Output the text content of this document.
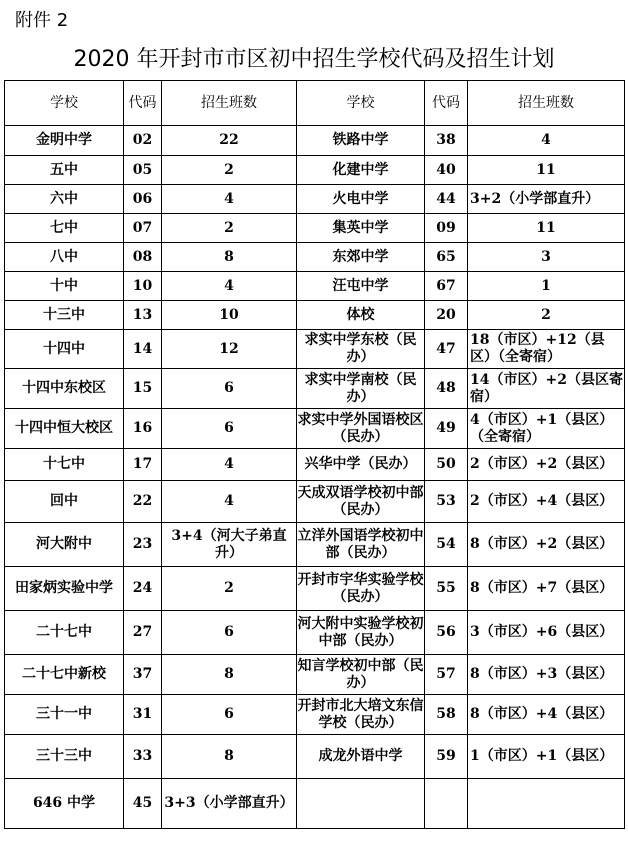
附件 2
2020 年开封市市区初中招生学校代码及招生计划
学校	代码	招生班数	学校	代码	招生班数
金明中学	02	22	铁路中学	38	4
五中	05	2	化建中学	40	11
六中	06	4	火电中学	44	3+2（小学部直升）
七中	07	2	集英中学	09	11
八中	08	8	东郊中学	65	3
十中	10	4	汪屯中学	67	1
十三中	13	10	体校	20	2
十四中	14	12	求实中学东校（民办）	47	18（市区）+12（县区）（全寄宿）
十四中东校区	15	6	求实中学南校（民办）	48	14（市区）+2（县区寄宿）
十四中恒大校区	16	6	求实中学外国语校区（民办）	49	4（市区）+1（县区）（全寄宿）
十七中	17	4	兴华中学（民办）	50	2（市区）+2（县区）
回中	22	4	天成双语学校初中部（民办）	53	2（市区）+4（县区）
河大附中	23	3+4（河大子弟直升）	立洋外国语学校初中部（民办）	54	8（市区）+2（县区）
田家炳实验中学	24	2	开封市宇华实验学校（民办）	55	8（市区）+7（县区）
二十七中	27	6	河大附中实验学校初中部（民办）	56	3（市区）+6（县区）
二十七中新校	37	8	知言学校初中部（民办）	57	8（市区）+3（县区）
三十一中	31	6	开封市北大培文东信学校（民办）	58	8（市区）+4（县区）
三十三中	33	8	成龙外语中学	59	1（市区）+1（县区）
646 中学	45	3+3（小学部直升）			
